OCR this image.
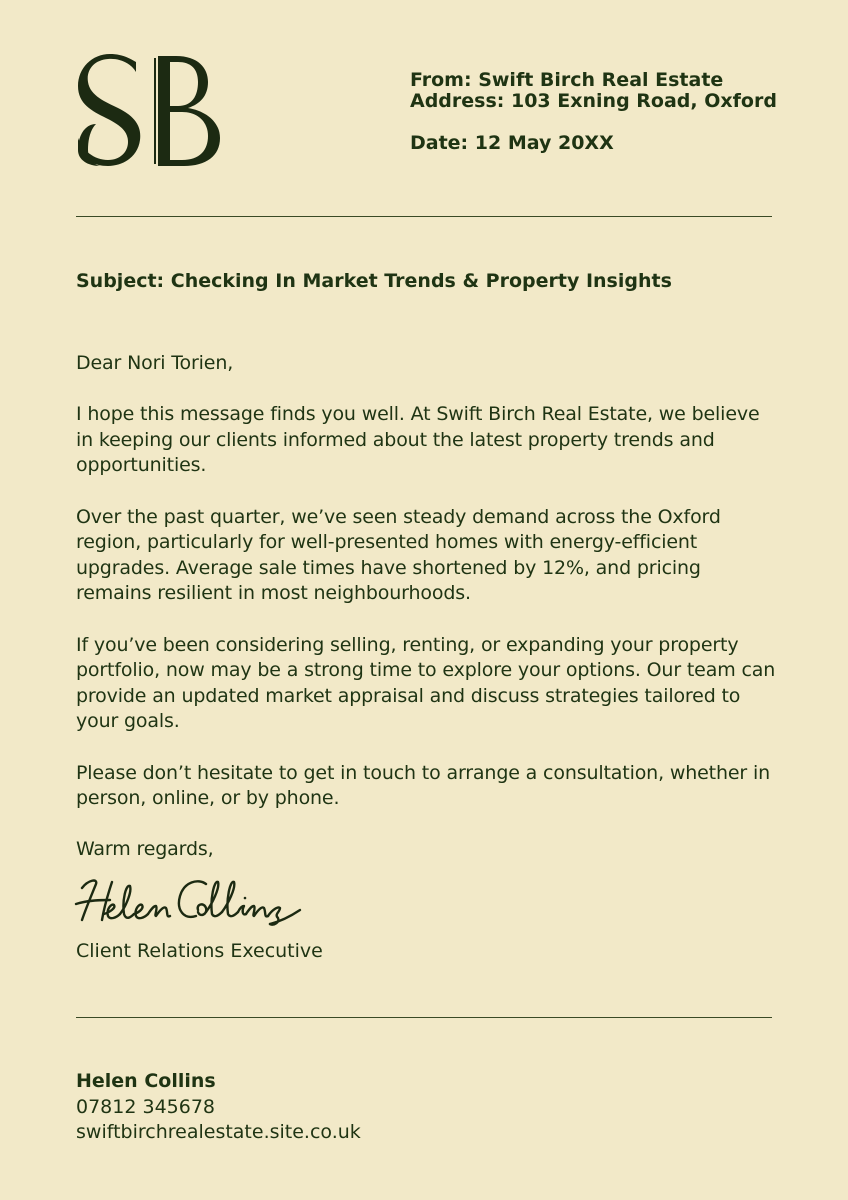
From: Swift Birch Real Estate
Address: 103 Exning Road, Oxford
Date: 12 May 20XX
Subject: Checking In Market Trends & Property Insights

Dear Nori Torien,

I hope this message finds you well. At Swift Birch Real Estate, we believe in keeping our clients informed about the latest property trends and opportunities.

Over the past quarter, we’ve seen steady demand across the Oxford region, particularly for well-presented homes with energy-efficient upgrades. Average sale times have shortened by 12%, and pricing remains resilient in most neighbourhoods.

If you’ve been considering selling, renting, or expanding your property portfolio, now may be a strong time to explore your options. Our team can provide an updated market appraisal and discuss strategies tailored to your goals.

Please don’t hesitate to get in touch to arrange a consultation, whether in person, online, or by phone.

Warm regards,

Client Relations Executive
Helen Collins
07812 345678
swiftbirchrealestate.site.co.uk
